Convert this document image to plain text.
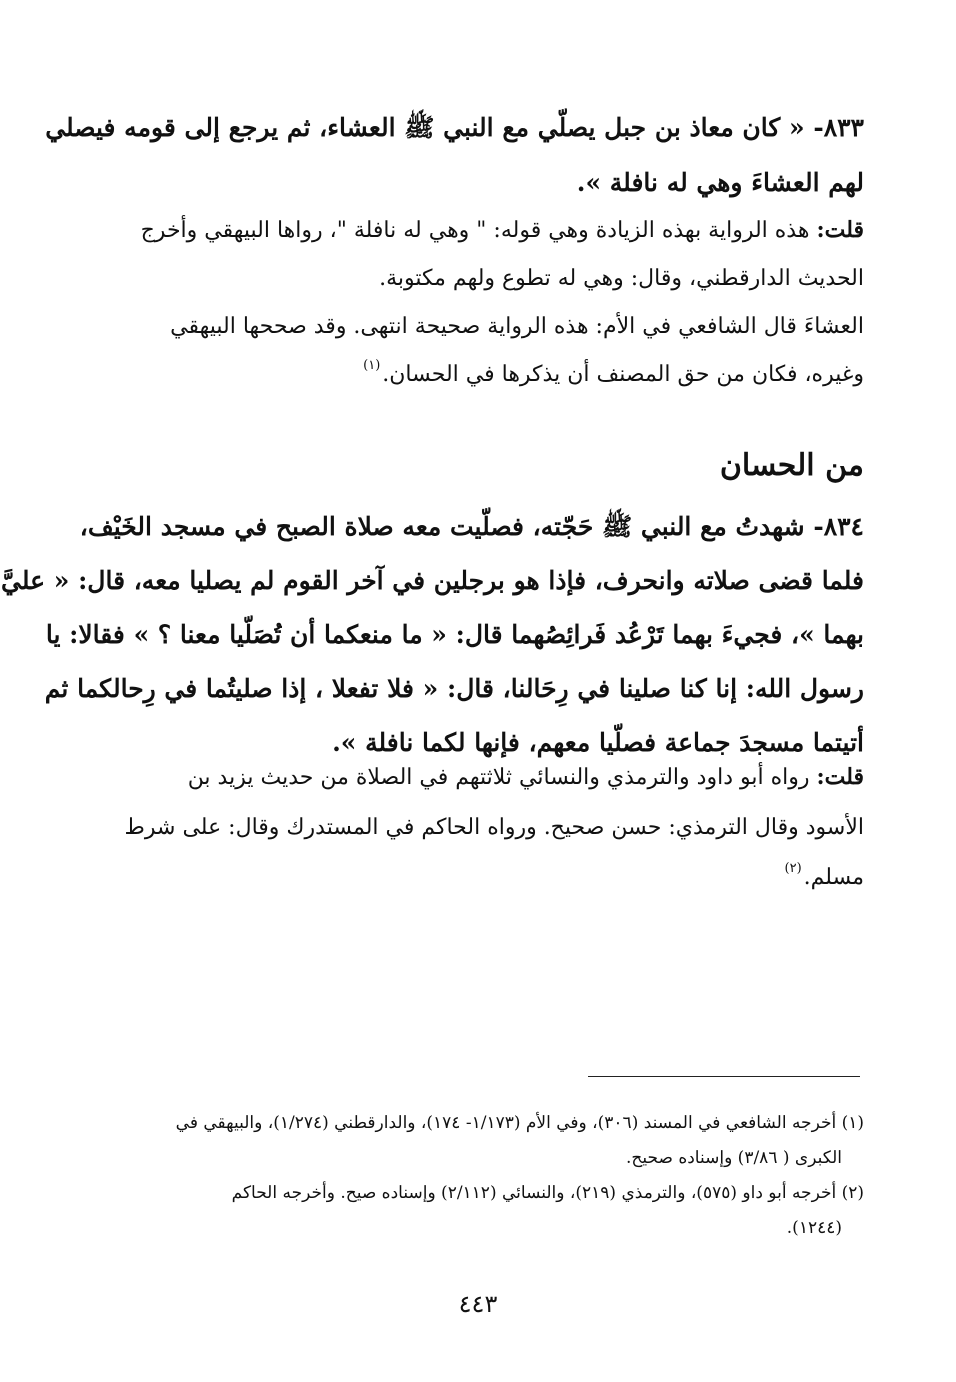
٨٣٣- « كان معاذ بن جبل يصلّي مع النبي ﷺ العشاء، ثم يرجع إلى قومه فيصلي
لهم العشاءَ وهي له نافلة ».
قلت: هذه الرواية بهذه الزيادة وهي قوله: " وهي له نافلة "، رواها البيهقي وأخرج
الحديث الدارقطني، وقال: وهي له تطوع ولهم مكتوبة.
العشاءَ قال الشافعي في الأم: هذه الرواية صحيحة انتهى. وقد صححها البيهقي
وغيره، فكان من حق المصنف أن يذكرها في الحسان.$^{(١)}$
من الحسان
٨٣٤- شهدتُ مع النبي ﷺ حَجّته، فصلّيت معه صلاة الصبح في مسجد الخَيْف،
فلما قضى صلاته وانحرف، فإذا هو برجلين في آخر القوم لم يصليا معه، قال: « عليَّ
بهما »، فجيءَ بهما تَرْعُد فَرائِصُهما قال: « ما منعكما أن تُصَلّيا معنا ؟ » فقالا: يا
رسول الله: إنا كنا صلينا في رِحَالنا، قال: « فلا تفعلا ، إذا صليتُما في رِحالكما ثم
أتيتما مسجدَ جماعة فصلّيا معهم، فإنها لكما نافلة ».
قلت: رواه أبو داود والترمذي والنسائي ثلاثتهم في الصلاة من حديث يزيد بن
الأسود وقال الترمذي: حسن صحيح. ورواه الحاكم في المستدرك وقال: على شرط
مسلم.$^{(٢)}$
(١) أخرجه الشافعي في المسند (٣٠٦)، وفي الأم (١/١٧٣- ١٧٤)، والدارقطني (١/٢٧٤)، والبيهقي في
الكبرى ( ٣/٨٦) وإسناده صحيح.
(٢) أخرجه أبو داو (٥٧٥)، والترمذي (٢١٩)، والنسائي (٢/١١٢) وإسناده صيح. وأخرجه الحاكم
(١٢٤٤).
٤٤٣
